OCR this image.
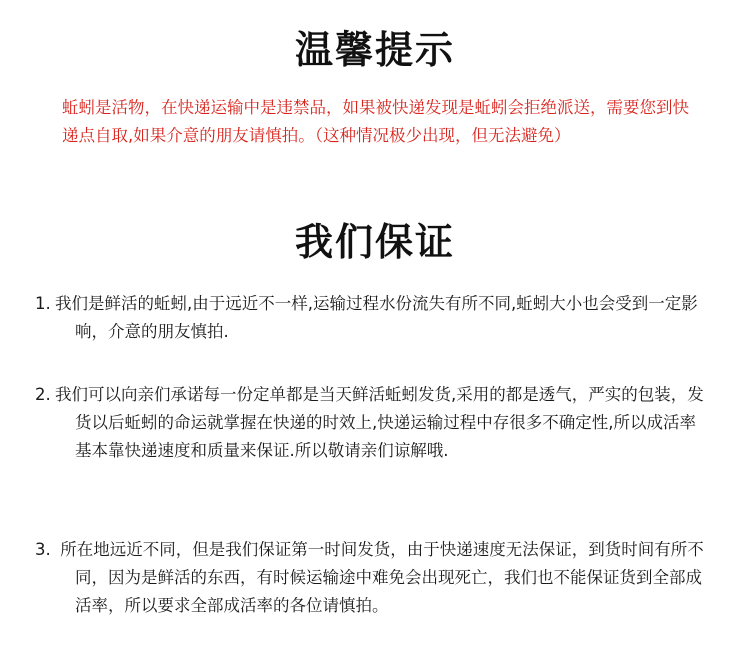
温馨提示

蚯蚓是活物，在快递运输中是违禁品，如果被快递发现是蚯蚓会拒绝派送，需要您到快递点自取,如果介意的朋友请慎拍。（这种情况极少出现，但无法避免）

我们保证
1. 我们是鲜活的蚯蚓,由于远近不一样,运输过程水份流失有所不同,蚯蚓大小也会受到一定影响，介意的朋友慎拍.
2. 我们可以向亲们承诺每一份定单都是当天鲜活蚯蚓发货,采用的都是透气，严实的包装，发货以后蚯蚓的命运就掌握在快递的时效上,快递运输过程中存很多不确定性,所以成活率基本靠快递速度和质量来保证.所以敬请亲们谅解哦.
3. 所在地远近不同，但是我们保证第一时间发货，由于快递速度无法保证，到货时间有所不同，因为是鲜活的东西，有时候运输途中难免会出现死亡，我们也不能保证货到全部成活率，所以要求全部成活率的各位请慎拍。
